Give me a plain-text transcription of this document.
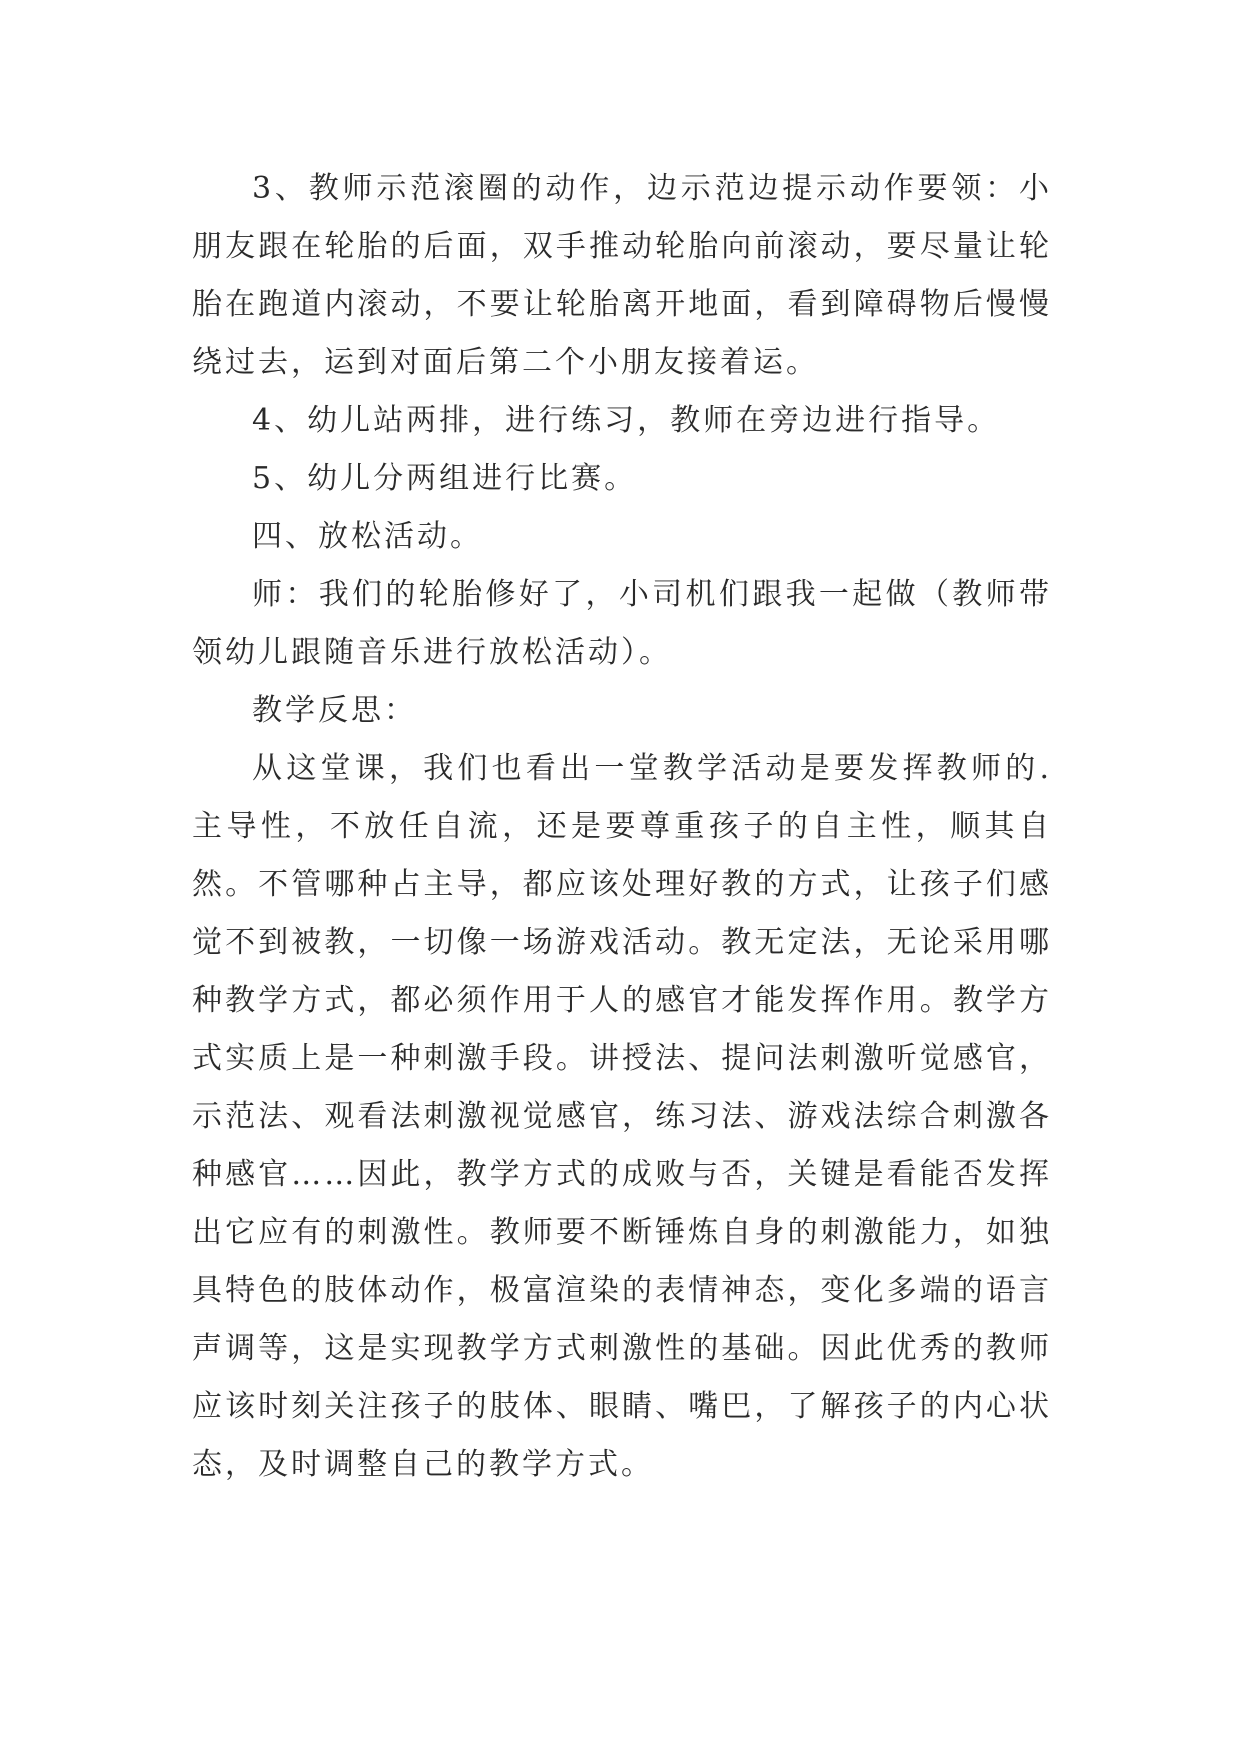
3、教师示范滚圈的动作，边示范边提示动作要领：小朋友跟在轮胎的后面，双手推动轮胎向前滚动，要尽量让轮胎在跑道内滚动，不要让轮胎离开地面，看到障碍物后慢慢绕过去，运到对面后第二个小朋友接着运。

4、幼儿站两排，进行练习，教师在旁边进行指导。

5、幼儿分两组进行比赛。

四、放松活动。

师：我们的轮胎修好了，小司机们跟我一起做（教师带领幼儿跟随音乐进行放松活动）。

教学反思：

从这堂课，我们也看出一堂教学活动是要发挥教师的.主导性，不放任自流，还是要尊重孩子的自主性，顺其自然。不管哪种占主导，都应该处理好教的方式，让孩子们感觉不到被教，一切像一场游戏活动。教无定法，无论采用哪种教学方式，都必须作用于人的感官才能发挥作用。教学方式实质上是一种刺激手段。讲授法、提问法刺激听觉感官，示范法、观看法刺激视觉感官，练习法、游戏法综合刺激各种感官……因此，教学方式的成败与否，关键是看能否发挥出它应有的刺激性。教师要不断锤炼自身的刺激能力，如独具特色的肢体动作，极富渲染的表情神态，变化多端的语言声调等，这是实现教学方式刺激性的基础。因此优秀的教师应该时刻关注孩子的肢体、眼睛、嘴巴，了解孩子的内心状态，及时调整自己的教学方式。
